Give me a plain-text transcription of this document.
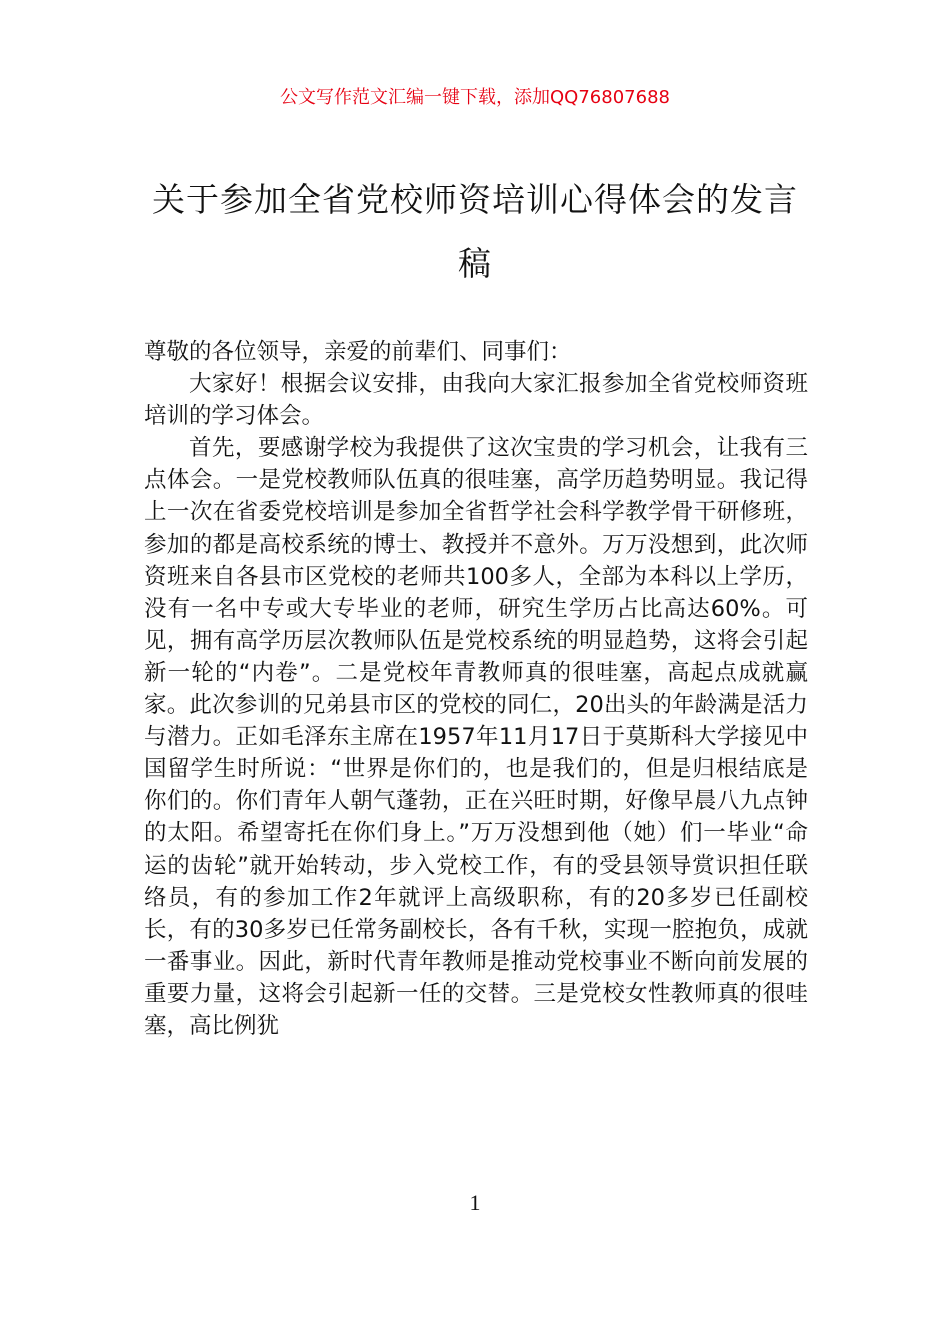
公文写作范文汇编一键下载，添加QQ76807688
关于参加全省党校师资培训心得体会的发言稿

尊敬的各位领导，亲爱的前辈们、同事们：

大家好！根据会议安排，由我向大家汇报参加全省党校师资班培训的学习体会。

首先，要感谢学校为我提供了这次宝贵的学习机会，让我有三点体会。一是党校教师队伍真的很哇塞，高学历趋势明显。我记得上一次在省委党校培训是参加全省哲学社会科学教学骨干研修班，参加的都是高校系统的博士、教授并不意外。万万没想到，此次师资班来自各县市区党校的老师共100多人，全部为本科以上学历，没有一名中专或大专毕业的老师，研究生学历占比高达60%。可见，拥有高学历层次教师队伍是党校系统的明显趋势，这将会引起新一轮的“内卷”。二是党校年青教师真的很哇塞，高起点成就赢家。此次参训的兄弟县市区的党校的同仁，20出头的年龄满是活力与潜力。正如毛泽东主席在1957年11月17日于莫斯科大学接见中国留学生时所说：“世界是你们的，也是我们的，但是归根结底是你们的。你们青年人朝气蓬勃，正在兴旺时期，好像早晨八九点钟的太阳。希望寄托在你们身上。”万万没想到他（她）们一毕业“命运的齿轮”就开始转动，步入党校工作，有的受县领导赏识担任联络员，有的参加工作2年就评上高级职称，有的20多岁已任副校长，有的30多岁已任常务副校长，各有千秋，实现一腔抱负，成就一番事业。因此，新时代青年教师是推动党校事业不断向前发展的重要力量，这将会引起新一任的交替。三是党校女性教师真的很哇塞，高比例犹

1
